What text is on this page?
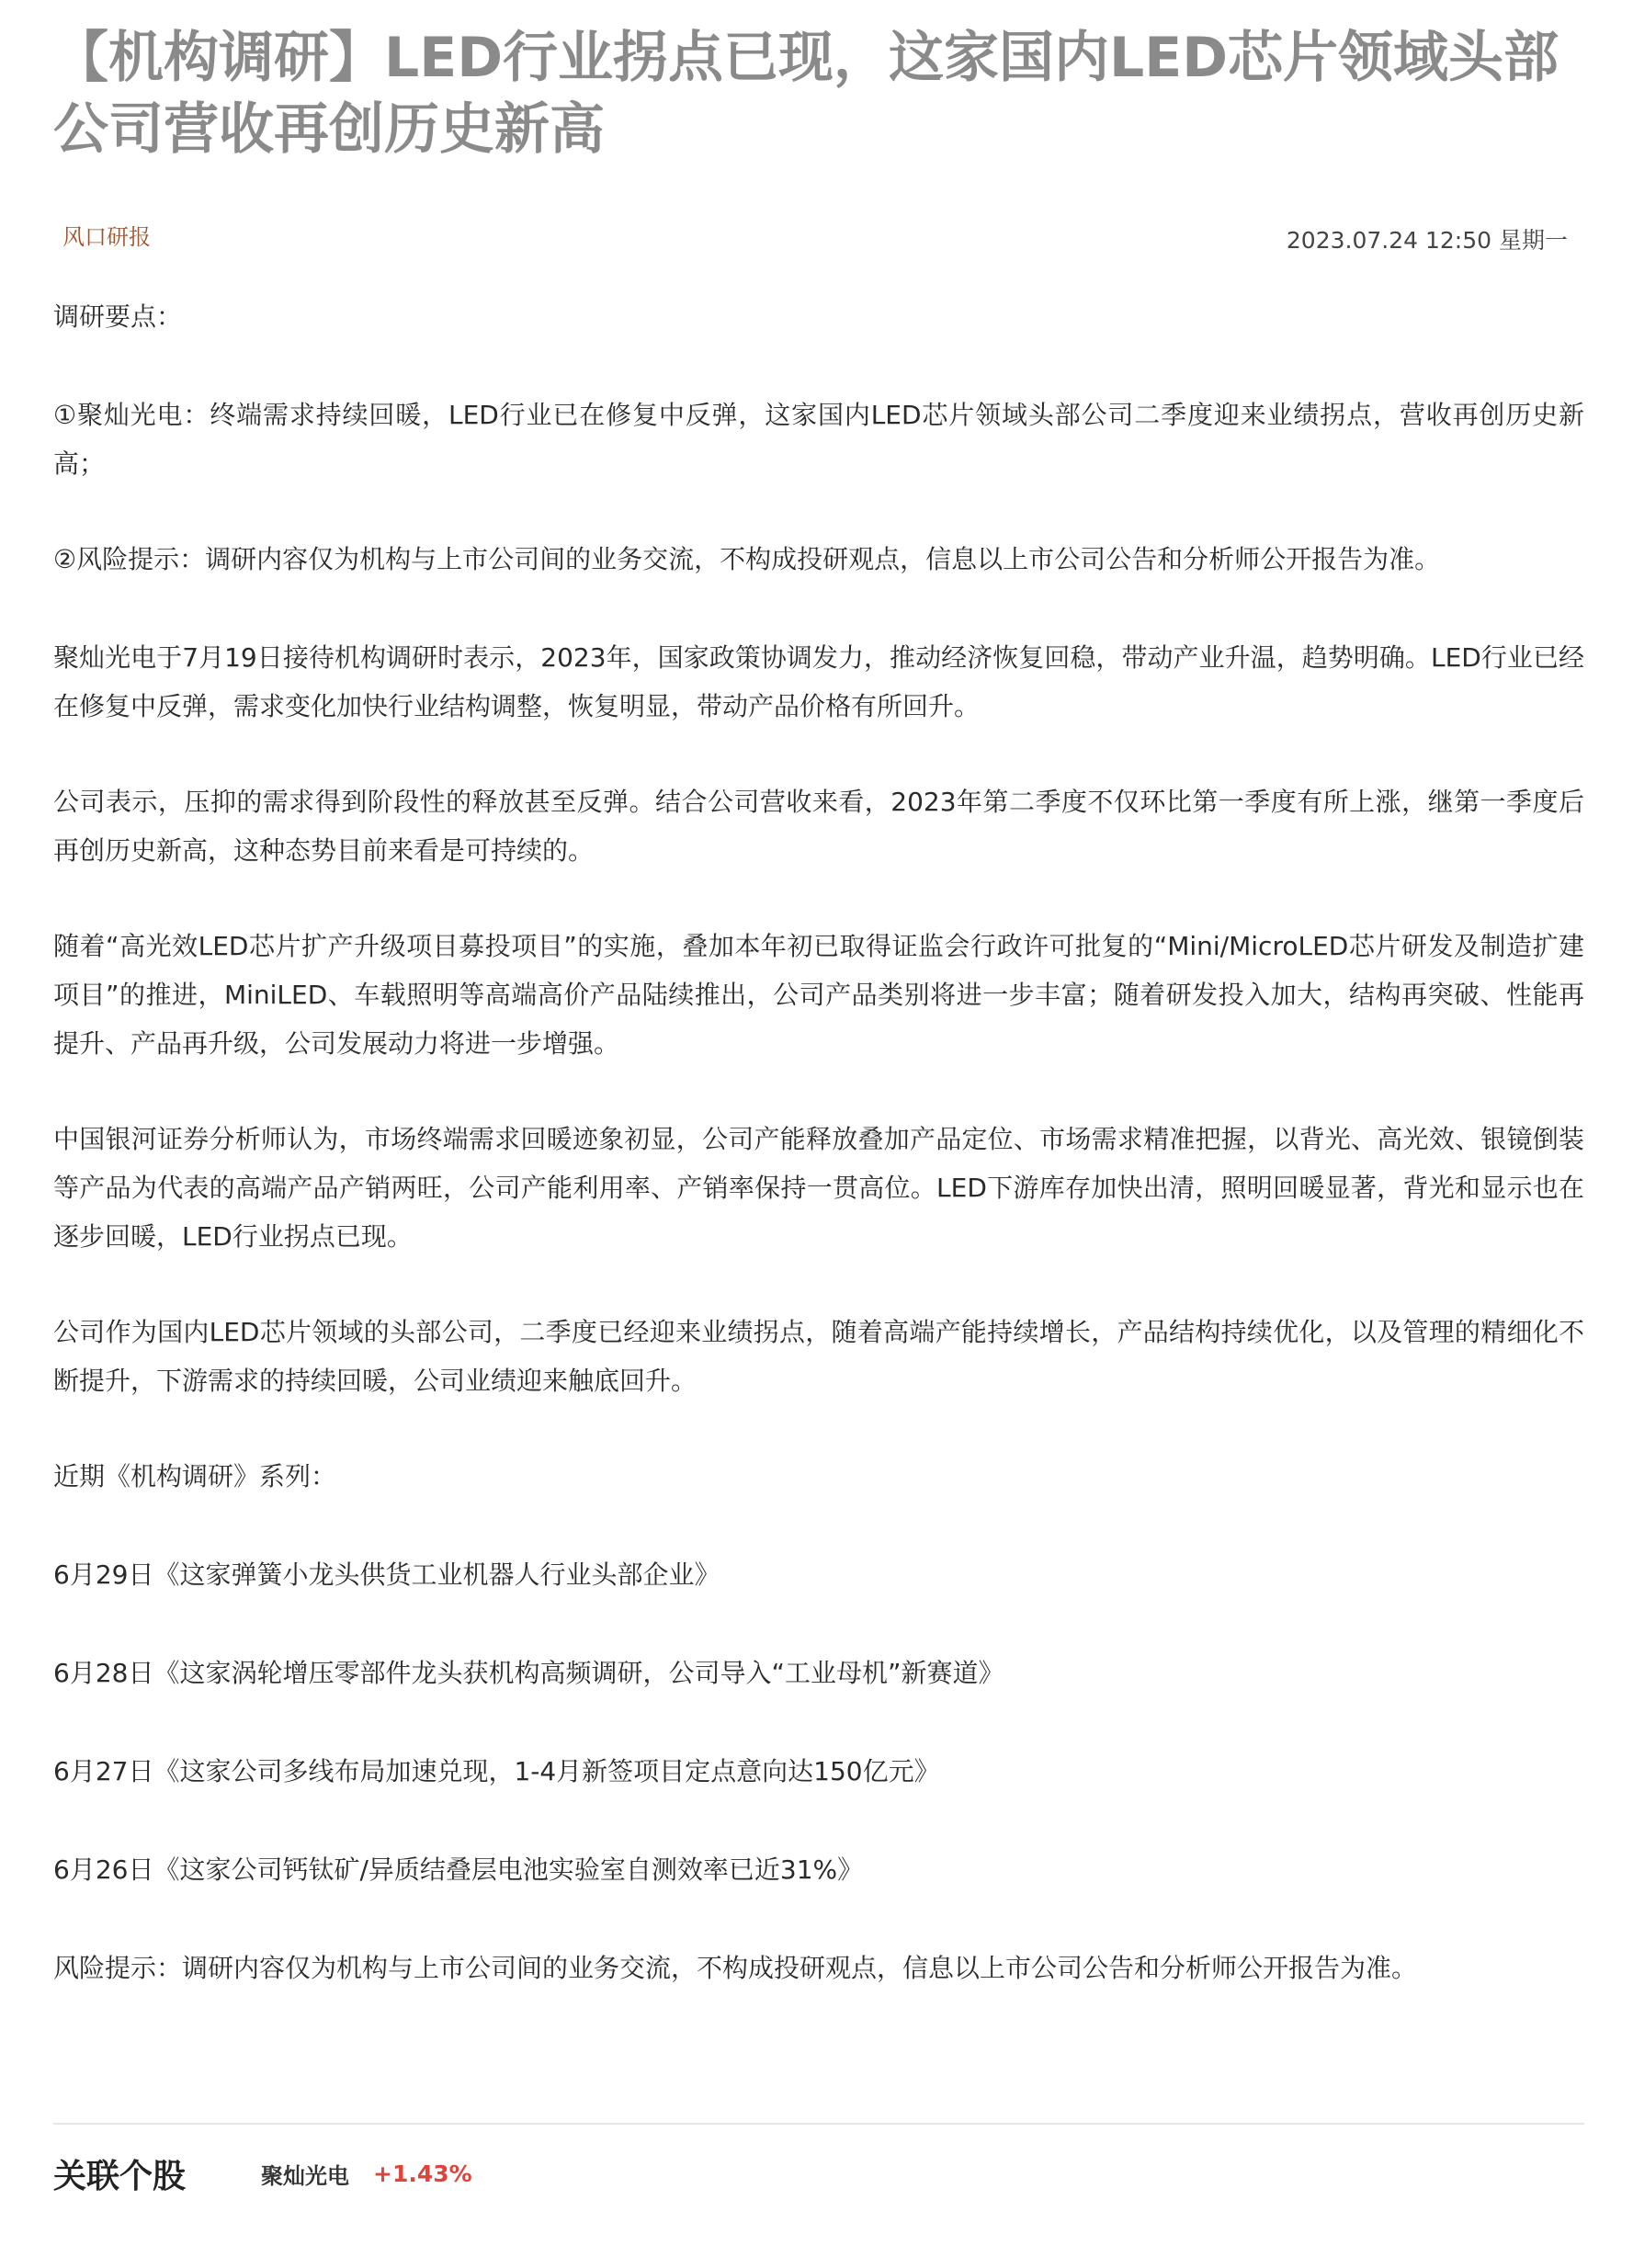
【机构调研】LED行业拐点已现，这家国内LED芯片领域头部公司营收再创历史新高
风口研报	2023.07.24 12:50 星期一

调研要点：

①聚灿光电：终端需求持续回暖，LED行业已在修复中反弹，这家国内LED芯片领域头部公司二季度迎来业绩拐点，营收再创历史新高；

②风险提示：调研内容仅为机构与上市公司间的业务交流，不构成投研观点，信息以上市公司公告和分析师公开报告为准。

聚灿光电于7月19日接待机构调研时表示，2023年，国家政策协调发力，推动经济恢复回稳，带动产业升温，趋势明确。LED行业已经在修复中反弹，需求变化加快行业结构调整，恢复明显，带动产品价格有所回升。

公司表示，压抑的需求得到阶段性的释放甚至反弹。结合公司营收来看，2023年第二季度不仅环比第一季度有所上涨，继第一季度后再创历史新高，这种态势目前来看是可持续的。

随着“高光效LED芯片扩产升级项目募投项目”的实施，叠加本年初已取得证监会行政许可批复的“Mini/MicroLED芯片研发及制造扩建项目”的推进，MiniLED、车载照明等高端高价产品陆续推出，公司产品类别将进一步丰富；随着研发投入加大，结构再突破、性能再提升、产品再升级，公司发展动力将进一步增强。

中国银河证券分析师认为，市场终端需求回暖迹象初显，公司产能释放叠加产品定位、市场需求精准把握，以背光、高光效、银镜倒装等产品为代表的高端产品产销两旺，公司产能利用率、产销率保持一贯高位。LED下游库存加快出清，照明回暖显著，背光和显示也在逐步回暖，LED行业拐点已现。

公司作为国内LED芯片领域的头部公司，二季度已经迎来业绩拐点，随着高端产能持续增长，产品结构持续优化，以及管理的精细化不断提升，下游需求的持续回暖，公司业绩迎来触底回升。

近期《机构调研》系列：

6月29日《这家弹簧小龙头供货工业机器人行业头部企业》

6月28日《这家涡轮增压零部件龙头获机构高频调研，公司导入“工业母机”新赛道》

6月27日《这家公司多线布局加速兑现，1-4月新签项目定点意向达150亿元》

6月26日《这家公司钙钛矿/异质结叠层电池实验室自测效率已近31%》

风险提示：调研内容仅为机构与上市公司间的业务交流，不构成投研观点，信息以上市公司公告和分析师公开报告为准。

关联个股	聚灿光电 +1.43%
